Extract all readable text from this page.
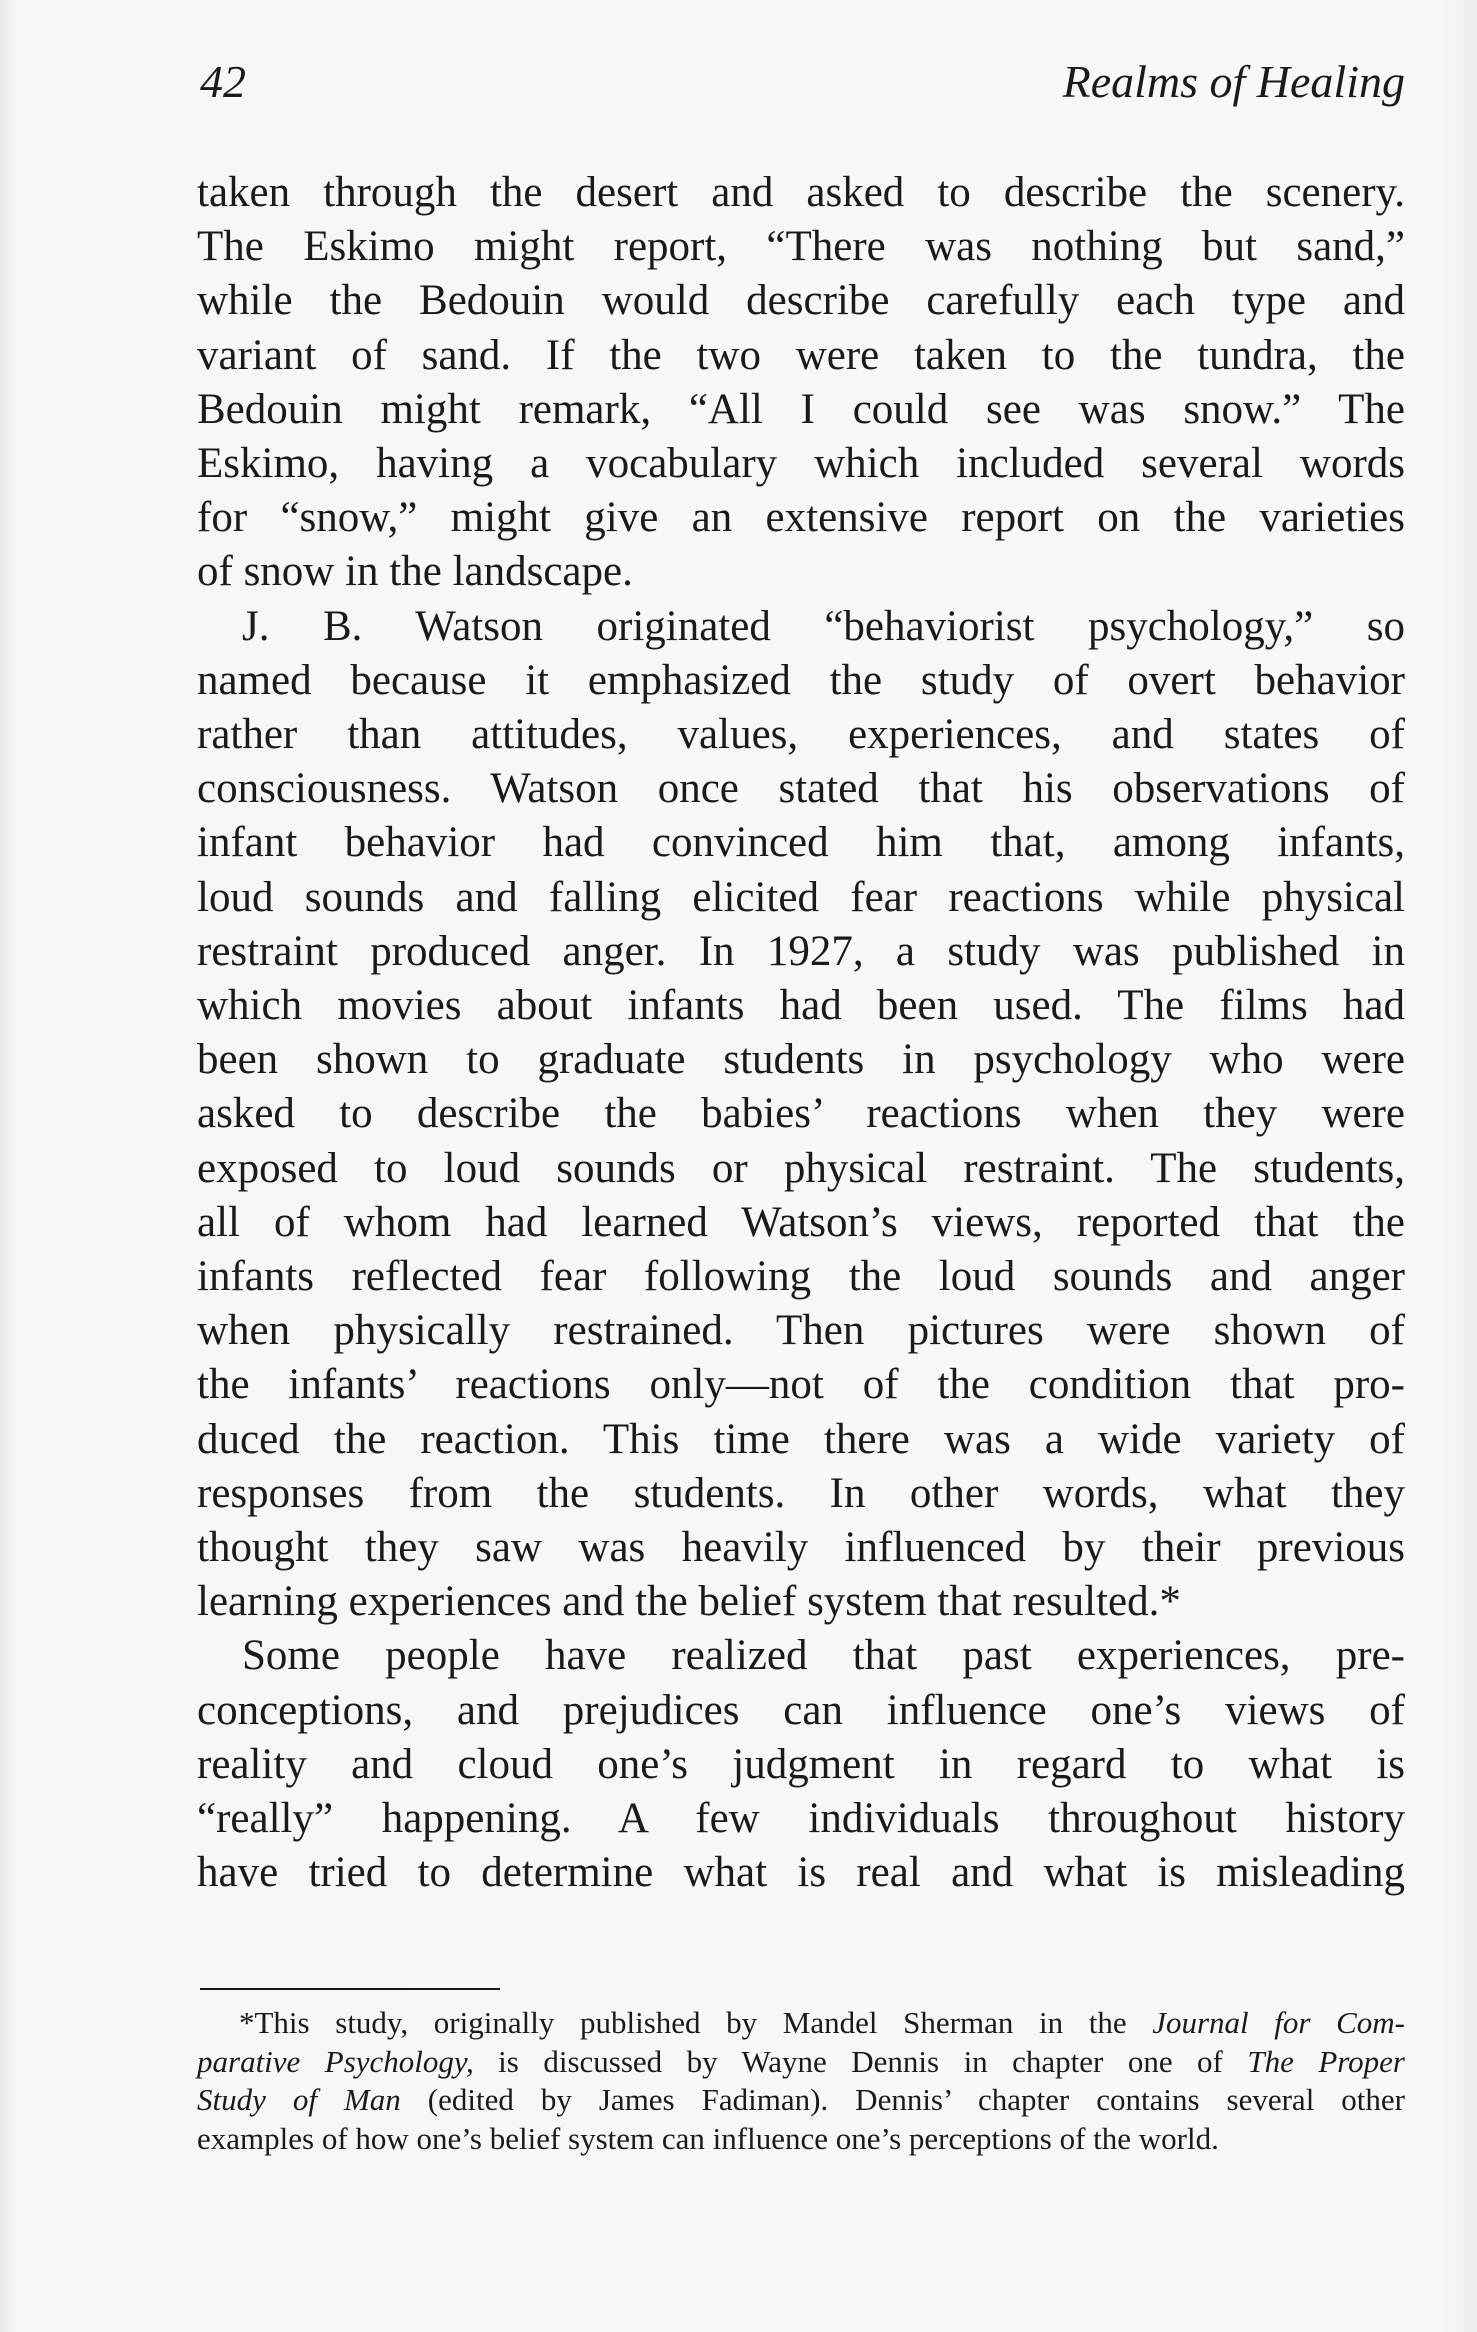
42	Realms of Healing
taken through the desert and asked to describe the scenery.
The Eskimo might report, “There was nothing but sand,”
while the Bedouin would describe carefully each type and
variant of sand. If the two were taken to the tundra, the
Bedouin might remark, “All I could see was snow.” The
Eskimo, having a vocabulary which included several words
for “snow,” might give an extensive report on the varieties
of snow in the landscape.
J. B. Watson originated “behaviorist psychology,” so
named because it emphasized the study of overt behavior
rather than attitudes, values, experiences, and states of
consciousness. Watson once stated that his observations of
infant behavior had convinced him that, among infants,
loud sounds and falling elicited fear reactions while physical
restraint produced anger. In 1927, a study was published in
which movies about infants had been used. The films had
been shown to graduate students in psychology who were
asked to describe the babies’ reactions when they were
exposed to loud sounds or physical restraint. The students,
all of whom had learned Watson’s views, reported that the
infants reflected fear following the loud sounds and anger
when physically restrained. Then pictures were shown of
the infants’ reactions only—not of the condition that pro-
duced the reaction. This time there was a wide variety of
responses from the students. In other words, what they
thought they saw was heavily influenced by their previous
learning experiences and the belief system that resulted.*
Some people have realized that past experiences, pre-
conceptions, and prejudices can influence one’s views of
reality and cloud one’s judgment in regard to what is
“really” happening. A few individuals throughout history
have tried to determine what is real and what is misleading
*This study, originally published by Mandel Sherman in the Journal for Com-
parative Psychology, is discussed by Wayne Dennis in chapter one of The Proper
Study of Man (edited by James Fadiman). Dennis’ chapter contains several other
examples of how one’s belief system can influence one’s perceptions of the world.
